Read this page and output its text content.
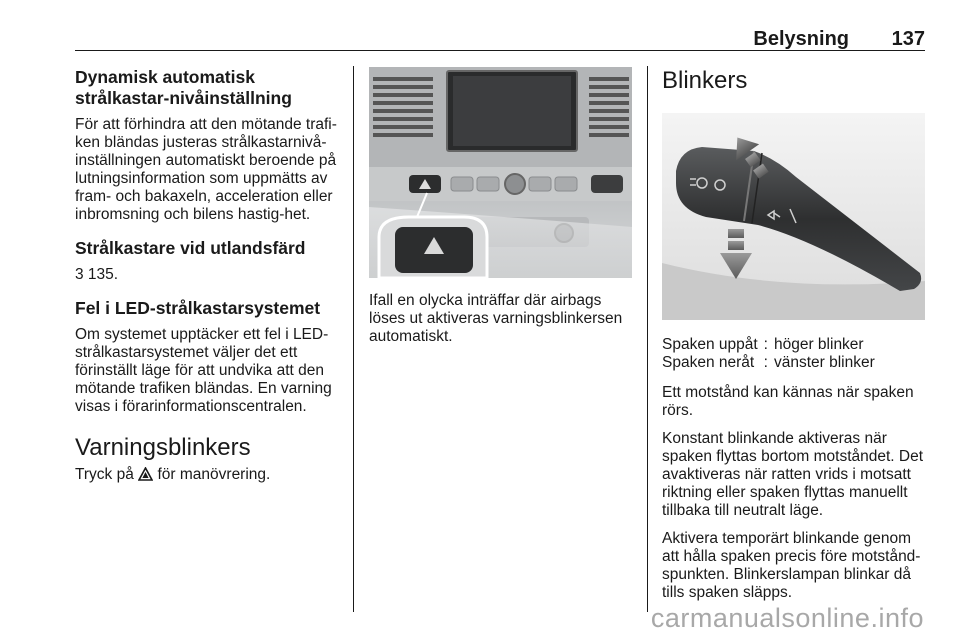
Belysning 137
Dynamisk automatisk strålkastar-nivåinställning

För att förhindra att den mötande trafi-ken bländas justeras strålkastarnivå-inställningen automatiskt beroende på lutningsinformation som uppmätts av fram- och bakaxeln, acceleration eller inbromsning och bilens hastig-het.

Strålkastare vid utlandsfärd

3 135.

Fel i LED-strålkastarsystemet

Om systemet upptäcker ett fel i LED-strålkastarsystemet väljer det ett förinställt läge för att undvika att den mötande trafiken bländas. En varning visas i förarinformationscentralen.

Varningsblinkers

Tryck på för manövrering.

Ifall en olycka inträffar där airbags löses ut aktiveras varningsblinkersen automatiskt.

Blinkers
Spaken uppåt	:	höger blinker
Spaken neråt	:	vänster blinker

Ett motstånd kan kännas när spaken rörs.

Konstant blinkande aktiveras när spaken flyttas bortom motståndet. Det avaktiveras när ratten vrids i motsatt riktning eller spaken flyttas manuellt tillbaka till neutralt läge.

Aktivera temporärt blinkande genom att hålla spaken precis före motstånd-spunkten. Blinkerslampan blinkar då tills spaken släpps.

carmanualsonline.info
